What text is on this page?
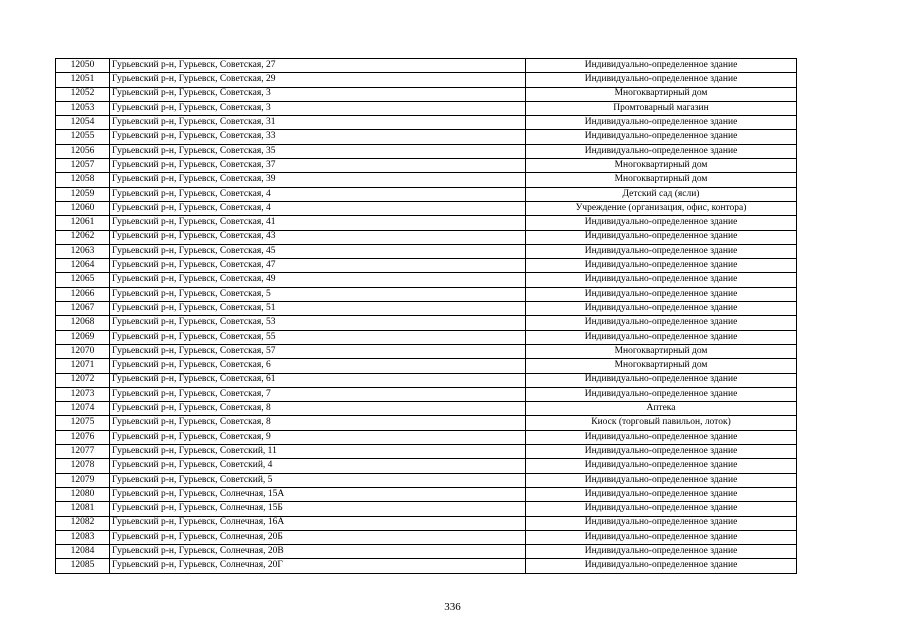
12050	Гурьевский р-н, Гурьевск, Советская, 27	Индивидуально-определенное здание
12051	Гурьевский р-н, Гурьевск, Советская, 29	Индивидуально-определенное здание
12052	Гурьевский р-н, Гурьевск, Советская, 3	Многоквартирный дом
12053	Гурьевский р-н, Гурьевск, Советская, 3	Промтоварный магазин
12054	Гурьевский р-н, Гурьевск, Советская, 31	Индивидуально-определенное здание
12055	Гурьевский р-н, Гурьевск, Советская, 33	Индивидуально-определенное здание
12056	Гурьевский р-н, Гурьевск, Советская, 35	Индивидуально-определенное здание
12057	Гурьевский р-н, Гурьевск, Советская, 37	Многоквартирный дом
12058	Гурьевский р-н, Гурьевск, Советская, 39	Многоквартирный дом
12059	Гурьевский р-н, Гурьевск, Советская, 4	Детский сад (ясли)
12060	Гурьевский р-н, Гурьевск, Советская, 4	Учреждение (организация, офис, контора)
12061	Гурьевский р-н, Гурьевск, Советская, 41	Индивидуально-определенное здание
12062	Гурьевский р-н, Гурьевск, Советская, 43	Индивидуально-определенное здание
12063	Гурьевский р-н, Гурьевск, Советская, 45	Индивидуально-определенное здание
12064	Гурьевский р-н, Гурьевск, Советская, 47	Индивидуально-определенное здание
12065	Гурьевский р-н, Гурьевск, Советская, 49	Индивидуально-определенное здание
12066	Гурьевский р-н, Гурьевск, Советская, 5	Индивидуально-определенное здание
12067	Гурьевский р-н, Гурьевск, Советская, 51	Индивидуально-определенное здание
12068	Гурьевский р-н, Гурьевск, Советская, 53	Индивидуально-определенное здание
12069	Гурьевский р-н, Гурьевск, Советская, 55	Индивидуально-определенное здание
12070	Гурьевский р-н, Гурьевск, Советская, 57	Многоквартирный дом
12071	Гурьевский р-н, Гурьевск, Советская, 6	Многоквартирный дом
12072	Гурьевский р-н, Гурьевск, Советская, 61	Индивидуально-определенное здание
12073	Гурьевский р-н, Гурьевск, Советская, 7	Индивидуально-определенное здание
12074	Гурьевский р-н, Гурьевск, Советская, 8	Аптека
12075	Гурьевский р-н, Гурьевск, Советская, 8	Киоск (торговый павильон, лоток)
12076	Гурьевский р-н, Гурьевск, Советская, 9	Индивидуально-определенное здание
12077	Гурьевский р-н, Гурьевск, Советский, 11	Индивидуально-определенное здание
12078	Гурьевский р-н, Гурьевск, Советский, 4	Индивидуально-определенное здание
12079	Гурьевский р-н, Гурьевск, Советский, 5	Индивидуально-определенное здание
12080	Гурьевский р-н, Гурьевск, Солнечная, 15А	Индивидуально-определенное здание
12081	Гурьевский р-н, Гурьевск, Солнечная, 15Б	Индивидуально-определенное здание
12082	Гурьевский р-н, Гурьевск, Солнечная, 16А	Индивидуально-определенное здание
12083	Гурьевский р-н, Гурьевск, Солнечная, 20Б	Индивидуально-определенное здание
12084	Гурьевский р-н, Гурьевск, Солнечная, 20В	Индивидуально-определенное здание
12085	Гурьевский р-н, Гурьевск, Солнечная, 20Г	Индивидуально-определенное здание
336
